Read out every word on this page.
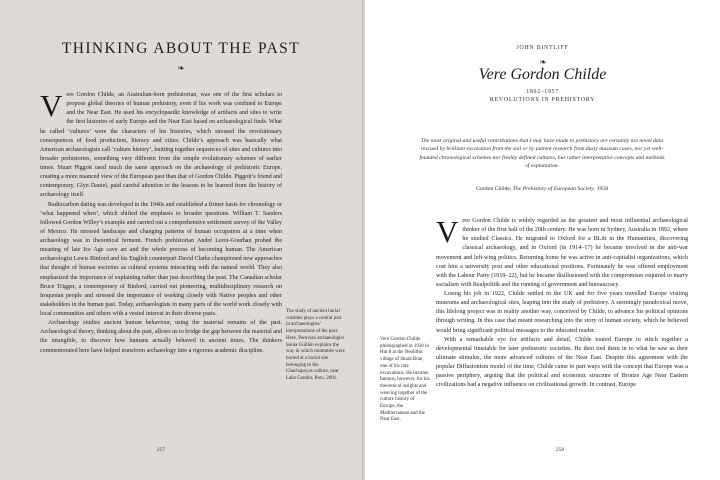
THINKING ABOUT THE PAST
❧

Vere Gordon Childe, an Australian-born prehistorian, was one of the first scholars to propose global theories of human prehistory, even if his work was confined to Europe and the Near East. He used his encyclopaedic knowledge of artifacts and sites to write the first histories of early Europe and the Near East based on archaeological finds. What he called ‘cultures’ were the characters of his histories, which stressed the revolutionary consequences of food production, literacy and cities. Childe’s approach was basically what American archaeologists call ‘culture history’, knitting together sequences of sites and cultures into broader prehistories, something very different from the simple evolutionary schemes of earlier times. Stuart Piggott used much the same approach on the archaeology of prehistoric Europe, creating a more nuanced view of the European past than that of Gordon Childe. Piggott’s friend and contemporary, Glyn Daniel, paid careful attention to the lessons to be learned from the history of archaeology itself.

Radiocarbon dating was developed in the 1940s and established a firmer basis for chronology or ‘what happened when’, which shifted the emphasis to broader questions. William T. Sanders followed Gordon Willey’s example and carried out a comprehensive settlement survey of the Valley of Mexico. He stressed landscape and changing patterns of human occupation at a time when archaeology was in theoretical ferment. French prehistorian André Leroi-Gourhan probed the meaning of late Ice Age cave art and the whole process of becoming human. The American archaeologist Lewis Binford and his English counterpart David Clarke championed new approaches that thought of human societies as cultural systems interacting with the natural world. They also emphasized the importance of explaining rather than just describing the past. The Canadian scholar Bruce Trigger, a contemporary of Binford, carried out pioneering, multidisciplinary research on Iroquoian people and stressed the importance of working closely with Native peoples and other stakeholders in the human past. Today, archaeologists in many parts of the world work closely with local communities and others with a vested interest in their diverse pasts.

Archaeology studies ancient human behaviour, using the material remains of the past. Archaeological theory, thinking about the past, allows us to bridge the gap between the material and the intangible, to discover how humans actually behaved in ancient times. The thinkers commemorated here have helped transform archaeology into a rigorous academic discipline.

The study of ancient burial customs plays a central part in archaeologists’ interpretations of the past. Here, Peruvian archaeologist Sonia Guillén explains the way in which mummies were buried at a burial site belonging to the Chachapoyas culture, near Lake Condor, Peru, 2001.
257
JOHN BINTLIFF
❧
Vere Gordon Childe
1892–1957
REVOLUTIONS IN PREHISTORY
The most original and useful contributions that I may have made to prehistory are certainly not novel data rescued by brilliant excavation from the soil or by patient research from dusty museum cases, nor yet well-founded chronological schemes nor freshly defined cultures, but rather interpretative concepts and methods of explanation.
Gordon Childe, The Prehistory of European Society, 1958
Vere Gordon Childe photographed in 1930 in Hut 8 at the Neolithic village of Skara Brae, one of his rare excavations. He became famous, however, for his theoretical insights and weaving together of the culture history of Europe, the Mediterranean and the Near East.

Vere Gordon Childe is widely regarded as the greatest and most influential archaeological thinker of the first half of the 20th century. He was born in Sydney, Australia in 1892, where he studied Classics. He migrated to Oxford for a BLitt in the Humanities, discovering classical archaeology, and in Oxford (in 1914–17) he became involved in the anti-war movement and left-wing politics. Returning home he was active in anti-capitalist organizations, which cost him a university post and other educational positions. Fortunately he was offered employment with the Labour Party (1919–22), but he became disillusioned with the compromises required to marry socialism with Realpolitik and the running of government and bureaucracy.

Losing his job in 1922, Childe settled in the UK and for five years travelled Europe visiting museums and archaeological sites, leaping into the study of prehistory. A seemingly paradoxical move, this lifelong project was in reality another way, conceived by Childe, to advance his political opinions through writing. In this case that meant researching into the story of human society, which he believed would bring significant political messages to the educated reader.

With a remarkable eye for artifacts and detail, Childe toured Europe to stitch together a developmental timetable for later prehistoric societies. He then tied them in to what he saw as their ultimate stimulus, the more advanced cultures of the Near East. Despite this agreement with the popular Diffusionism model of the time, Childe came to part ways with the concept that Europe was a passive periphery, arguing that the political and economic structure of Bronze Age Near Eastern civilizations had a negative influence on civilizational growth. In contrast, Europe

258
